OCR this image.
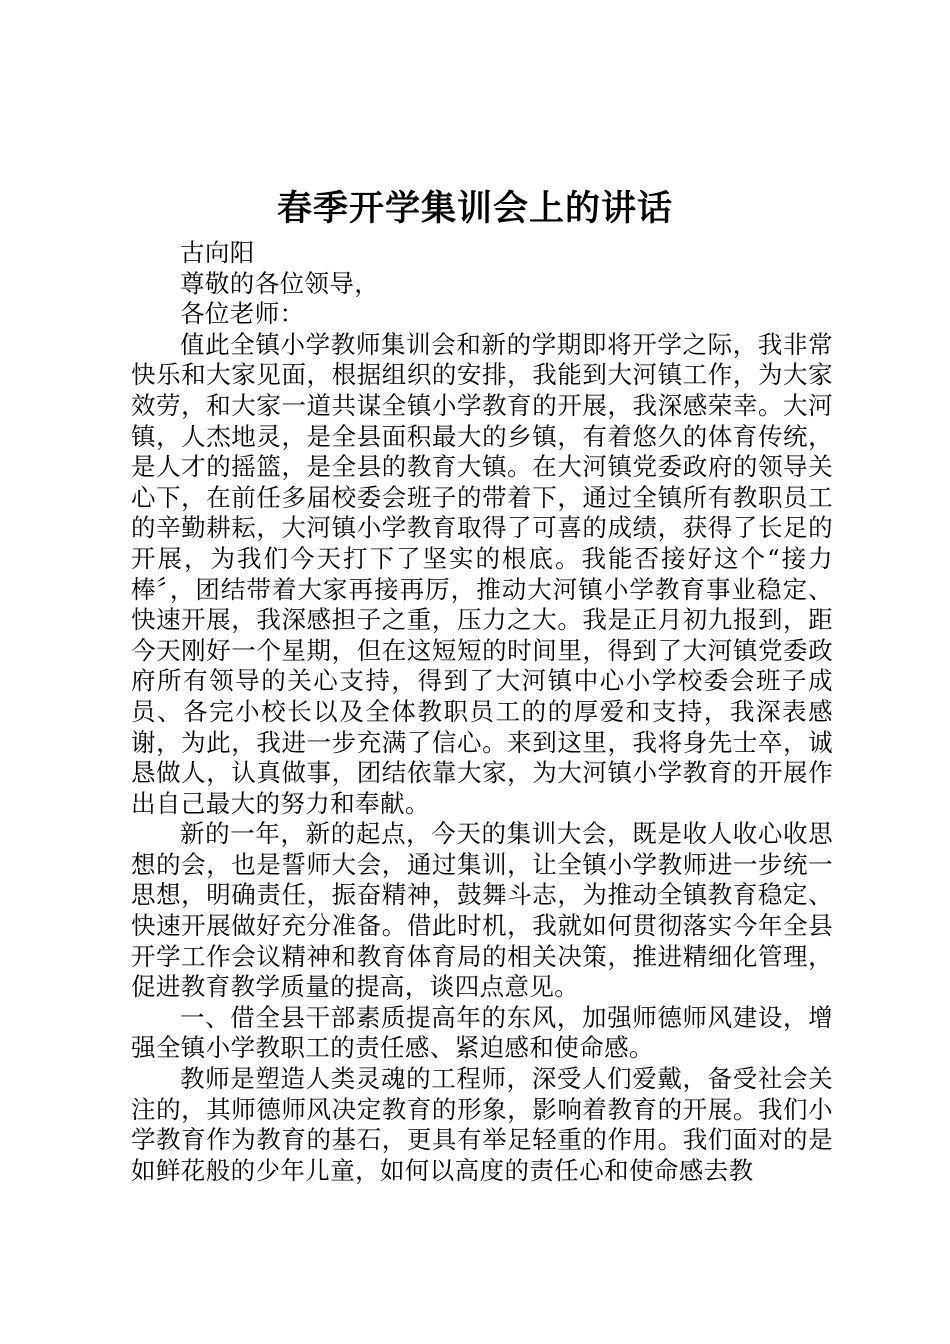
春季开学集训会上的讲话

古向阳

尊敬的各位领导，

各位老师：

值此全镇小学教师集训会和新的学期即将开学之际，我非常快乐和大家见面，根据组织的安排，我能到大河镇工作，为大家效劳，和大家一道共谋全镇小学教育的开展，我深感荣幸。大河镇，人杰地灵，是全县面积最大的乡镇，有着悠久的体育传统，是人才的摇篮，是全县的教育大镇。在大河镇党委政府的领导关心下，在前任多届校委会班子的带着下，通过全镇所有教职员工的辛勤耕耘，大河镇小学教育取得了可喜的成绩，获得了长足的开展，为我们今天打下了坚实的根底。我能否接好这个“接力棒〞，团结带着大家再接再厉，推动大河镇小学教育事业稳定、快速开展，我深感担子之重，压力之大。我是正月初九报到，距今天刚好一个星期，但在这短短的时间里，得到了大河镇党委政府所有领导的关心支持，得到了大河镇中心小学校委会班子成员、各完小校长以及全体教职员工的的厚爱和支持，我深表感谢，为此，我进一步充满了信心。来到这里，我将身先士卒，诚恳做人，认真做事，团结依靠大家，为大河镇小学教育的开展作出自己最大的努力和奉献。

新的一年，新的起点，今天的集训大会，既是收人收心收思想的会，也是誓师大会，通过集训，让全镇小学教师进一步统一思想，明确责任，振奋精神，鼓舞斗志，为推动全镇教育稳定、快速开展做好充分准备。借此时机，我就如何贯彻落实今年全县开学工作会议精神和教育体育局的相关决策，推进精细化管理，促进教育教学质量的提高，谈四点意见。

一、借全县干部素质提高年的东风，加强师德师风建设，增强全镇小学教职工的责任感、紧迫感和使命感。

教师是塑造人类灵魂的工程师，深受人们爱戴，备受社会关注的，其师德师风决定教育的形象，影响着教育的开展。我们小学教育作为教育的基石，更具有举足轻重的作用。我们面对的是如鲜花般的少年儿童，如何以高度的责任心和使命感去教
